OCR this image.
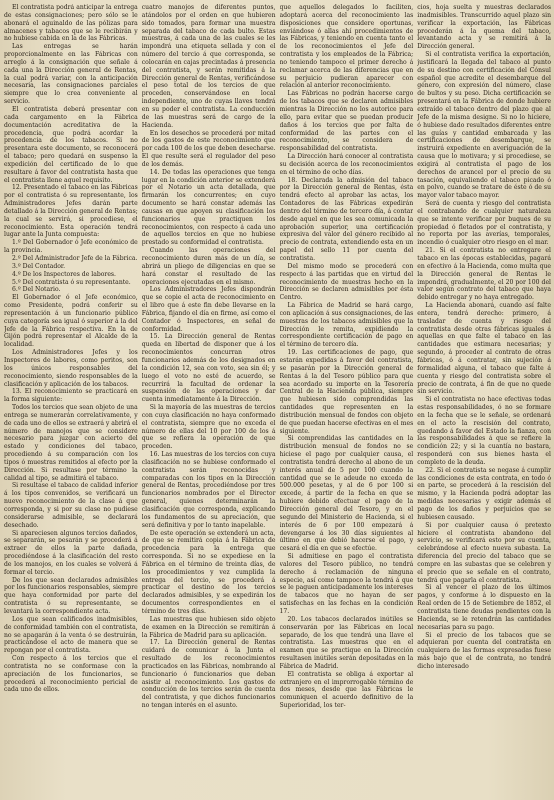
El contratista podrá anticipar la entrega de estas consignaciones; pero sólo se le abonará el aguinaldo de las pólizas para almacenes y tabacos que se le recibirán y no hubiese cabida en la de las Fábricas.

Las entregas se harán proporcionalmente en las Fábricas con arreglo á la consignación que señale á cada una la Dirección general de Rentas, la cual podrá variar, con la anticipación necesaria, las consignaciones parciales siempre que lo crea conveniente al servicio.

El contratista deberá presentar con cada cargamento en la Fábrica documentación acreditativa de la procedencia, que podrá acordar la procedencia de los tabacos. Si no presentara este documento, se reconocerá el tabaco; pero quedará en suspenso la expedición del certificado de lo que resultare á favor del contratista hasta que el contratista llene aquel requisito.

12. Presentado el tabaco en las Fábricas por el contratista ó su representante, los Administradores Jefes darán parte detallado á la Dirección general de Rentas; la cual se servirá, si procediese, el reconocimiento. Esta operación tendrá lugar ante la Junta compuesta:

1.º Del Gobernador ó Jefe económico de la provincia.

2.º Del Administrador Jefe de la Fábrica.

3.º Del Contador.

4.º De los Inspectores de labores.

5.º Del contratista ó su representante.

6.º Del Notario.

El Gobernador ó el Jefe económico, como Presidente, podrá conferir su representación á un funcionario público cuya categoría sea igual ó superior á la del Jefe de la Fábrica respectiva. En la de Gijón podrá representar el Alcalde de la localidad.

Los Administradores Jefes y los Inspectores de labores, como peritos, son los únicos responsables del reconocimiento, siendo responsables de la clasificación y aplicación de los tabacos.

13. El reconocimiento se practicará en la forma siguiente:

Todos los tercios que sean objeto de una entrega se numerarán correlativamente, y de cada uno de ellos se extraerá y abrirá el número de manojos que se considere necesario para juzgar con acierto del estado y condiciones del tabaco, procediendo á su comparación con los tipos ó muestras remitidos al efecto por la Dirección. Si resultase por término la calidad al tipo, se admitirá el tabaco.

Si resultase el tabaco de calidad inferior á los tipos convenidos, se verificará un nuevo reconocimiento de la clase á que corresponda, y si por su clase no pudiese considerarse admisible, se declarará desechado.

Si apareciesen algunos tercios dañados, se separarán, se pesarán y se procederá á extraer de ellos la parte dañada, procediéndose á la clasificación del resto de los manojos, en los cuales se volverá á formar el tercio.

De los que sean declarados admisibles por los funcionarios responsables, siempre que haya conformidad por parte del contratista ó su representante, se levantará la correspondiente acta.

Los que sean calificados inadmisibles, de conformidad también con el contratista, no se apagarán á la venta ó se destruirán, practicándose el acto de manera que se repongan por el contratista.

Con respecto á los tercios que el contratista no se conformase con la apreciación de los funcionarios, se procederá al reconocimiento pericial de cada uno de ellos.

cuatro manojos de diferentes puntos, atándolos por el orden en que hubieren sido tomados, para formar una muestra separada del tabaco de cada bulto. Estas muestras, á cada una de las cuales se les impondrá una etiqueta sellada y con el número del tercio á que corresponda, se colocarán en cajas precintadas á presencia del contratista, y serán remitidas á la Dirección general de Rentas, verificándose el peso total de los tercios de que proceden, conservándose en local independiente, uno de cuyas llaves tendrá en su poder el contratista. La conducción de las muestras será de cargo de la Hacienda.

En los desechos se procederá por mitad de los gastos de este reconocimiento que por cada 100 de los que deben desecharse. El que resulte será el regulador del peso de los demás.

14. De todas las operaciones que tenga lugar en la condición anterior se extenderá por el Notario un acta detallada, que firmarán los concurrentes; en cuyo documento se hará constar además las causas en que apoyen su clasificación los funcionarios que practiquen los reconocimientos, con respecto á cada uno de aquellos tercios en que no hubiese prestado su conformidad el contratista.

Cuando las operaciones del reconocimiento duren más de un día, se abrirá un pliego de diligencias en que se hará constar el resultado de las operaciones ejecutadas en el mismo.

Los Administradores Jefes dispondrán que se copie el acta de reconocimiento en el libro que á este fin debe llevarse en la Fábrica, fijando el día en firme, así como el Contador ó Inspectores, en señal de conformidad.

15. La Dirección general de Rentas queda en libertad de disponer que á los reconocimientos concurran otros funcionarios además de los designados en la condición 12, sea con voto, sea sin él; y luego el voto no esté de acuerdo, se recurrirá la facultad de ordenar la suspensión de las operaciones y dar cuenta inmediatamente á la Dirección.

Si la mayoría de las muestras de tercios con cuya clasificación no haya conformado el contratista, siempre que no exceda el número de ellas del 10 por 100 de los á que se refiera la operación de que proceden.

16. Las muestras de los tercios con cuya clasificación no se hubiese conformado el contratista serán reconocidas y comparadas con los tipos en la Dirección general de Rentas, procediéndose por tres funcionarios nombrados por el Director general, quienes determinarán la clasificación que corresponda, explicando los fundamentos de su apreciación, que será definitiva y por lo tanto inapelable.

De este operación se extenderá un acta, de que se remitirá copia á la Fábrica de procedencia para la entrega que corresponda. Si no se expediese en la Fábrica en el término de treinta días, de los procedimientos y vez cumplida la entrega del tercio, se procederá á practicar el destino de los tercios declarados admisibles, y se expedirán los documentos correspondientes en el término de tres días.

Las muestras que hubiesen sido objeto de examen en la Dirección se remitirán á la Fábrica de Madrid para su aplicación.

17. La Dirección general de Rentas cuidará de comunicar á la Junta el resultado de los reconocimientos practicados en las Fábricas, nombrando al funcionario ó funcionarios que deban asistir al reconocimiento. Los gastos de conducción de los tercios serán de cuenta del contratista, y que dichos funcionarios no tengan interés en el asunto.

que aquellos delegados lo faciliten, adoptará acerca del reconocimiento las disposiciones que considere oportunas, enviándose ó allas ahí procedimientos de las Fábricas, y teniendo en cuenta tanto el de los reconocimientos el Jefe del contratista y los empleados de la Fábrica; no teniendo tampoco el primer derecho á reclamar acerca de las diferencias que en su perjuicio pudieran aparecer con relación al anterior reconocimiento.

Las Fábricas no podrán hacerse cargo de los tabacos que se declaren admisibles mientras la Dirección no los autorice para ello, para evitar que se puedan producir daños á los tercios que por falta de conformidad de las partes con el reconocimiento, se considera de responsabilidad del contratista.

La Dirección hará conocer al contratista su decisión acerca de los reconocimientos en el término de ocho días.

18. Declarada la admisión del tabaco por la Dirección general de Rentas, ésta tendrá efecto al aprobar las actas, los Contadores de las Fábricas expedirán dentro del término de tercero día, á contar desde aquel en que les sea comunicada la aprobación superior, una certificación expresiva del valor del género recibido al precio de contrata, extendiendo esta en un papel del sello 11 por cuenta del contratista.

Del mismo modo se procederá con respecto á las partidas que en virtud del reconocimiento de muestras hecho en la Dirección se declaren admisibles por ésta Centro.

La Fábrica de Madrid se hará cargo, con aplicación á sus consignaciones, de las muestras de los tabacos admisibles que la Dirección le remita, expidiendo la correspondiente certificación de pago en el término de tercero día.

19. Las certificaciones de pago, que estarán expedidas á favor del contratista, se pasarán por la Dirección general de Rentas á la del Tesoro público para que sea acordado su importe en la Tesorería Central de la Hacienda pública, siempre que hubiesen sido comprendidas las cantidades que representen en la distribución mensual de fondos con objeto de que puedan hacerse efectivas en el mes siguiente.

Si comprendidas las cantidades en la distribución mensual de fondos no se hiciese el pago por cualquier causa, el contratista tendrá derecho al abono de un interés anual de 5 por 100 cuando la cantidad que se le adeude no exceda de 500.000 pesetas, y al de 6 por 100 si excede, á partir de la fecha en que se hubiere debido efectuar el pago de la Dirección general del Tesoro, y en el segundo del Ministerio de Hacienda, si el interés de 6 por 100 empezará á devengarse á los 30 días siguientes al último en que debió hacerse el pago, y cesará el día en que se efectúe.

Si admitiese en pago el contratista valores del Tesoro público, no tendrá derecho á reclamación de ninguna especie, así como tampoco la tendrá á que se le paguen anticipadamente los intereses de tabacos que no hayan de ser satisfechas en las fechas en la condición 17.

20. Los tabacos declarados inútiles se conservarán por las Fábricas en local separado, de los que tendrá una llave el contratista. Las muestras que en el examen que se practique en la Dirección resultasen inútiles serán depositadas en la Fábrica de Madrid.

El contratista se obliga á exportar al extranjero en el improrrogable término de dos meses, desde que las Fábricas le comuniquen el acuerdo definitivo de la Superioridad, los ter-

cios, hoja suelta y muestras declarados inadmisibles. Transcurrido aquel plazo sin verificar la exportación, las Fábricas procederán á la quema del tabaco, levantando acta y se remitirá á la Dirección general.

Si el contratista verifica la exportación, justificará la llegada del tabaco al punto de su destino con certificación del Cónsul español que acredite el desembarque del género, con expresión del número, clase de bultos y su peso. Dicha certificación se presentará en la Fábrica de donde hubiere extraído el tabaco dentro del plazo que al Jefe de la misma designe. Si no lo hiciere, ó hubiese dado resultados diferentes entre las guías y cantidad embarcada y las certificaciones de desembarque, se instruirá expediente en averiguación de la causa que lo motivara; y si procediese, se exigirá al contratista el pago de los derechos de arancel por el precio de su tasación, equivaliendo el tabaco picado ó en polvo, cuando se tratare de éste ó de su mayor valor tabaco mayor.

Será de cuenta y riesgo del contratista el contrabando de cualquier naturaleza que se intente verificar por buques de su propiedad ó fletados por el contratista, y no reporta por las averías, temporales, incendio ó cualquier otro riesgo en el mar.

21. Si el contratista no entregare el tabaco en las épocas establecidas, pagará en efectivo á la Hacienda, como multa que la Dirección general de Rentas le impondrá, gradualmente, el 20 por 100 del valor según contrato del tabaco que haya debido entregar y no haya entregado.

La Hacienda abonará, cuando así falte entera, tendrá derecho: primero, á trasladar de cuenta y riesgo del contratista desde otras fábricas iguales á aquellas en que falte el tabaco en las cantidades que estimara necesarias; y segundo, á proceder al contrato de otras fábricas, ó á contratar, sin sujeción á formalidad alguna, el tabaco que falte á cuenta y riesgo del contratista sobre el precio de contrata, á fin de que no quede sin servicio.

Si el contratista no hace efectivas todas estas responsabilidades, ó no se formare en la fecha que se le señale, se ordenará en el acto la rescisión del contrato, quedando á favor del Estado la fianza, con las responsabilidades á que se refiere la condición 22; y si la cuantía no bastara, responderá con sus bienes hasta el completo de la deuda.

22. Si el contratista se negase á cumplir las condiciones de esta contrata, en todo ó en parte, se procederá á la rescisión del mismo, y la Hacienda podrá adoptar las medidas necesarias y exigir además el pago de los daños y perjuicios que se hubiesen causado.

Si por cualquier causa ó pretexto hiciere el contratista abandono del servicio, se verificará esto por su cuenta, celebrándose al efecto nueva subasta. La diferencia del precio del tabaco que se compre en las subastas que se celebren y el precio que se señale en el contrato, tendrá que pagarla el contratista.

Si al vencer el plazo de los últimos pagos, y conforme á lo dispuesto en la Real orden de 15 de Setiembre de 1852, el contratista tiene deudas pendientes con la Hacienda, se le retendrán las cantidades necesarias para su pago.

Si el precio de los tabacos que se adquieran por cuenta del contratista en cualquiera de las formas expresadas fuese más bajo que el de contrata, no tendrá dicho interesado
